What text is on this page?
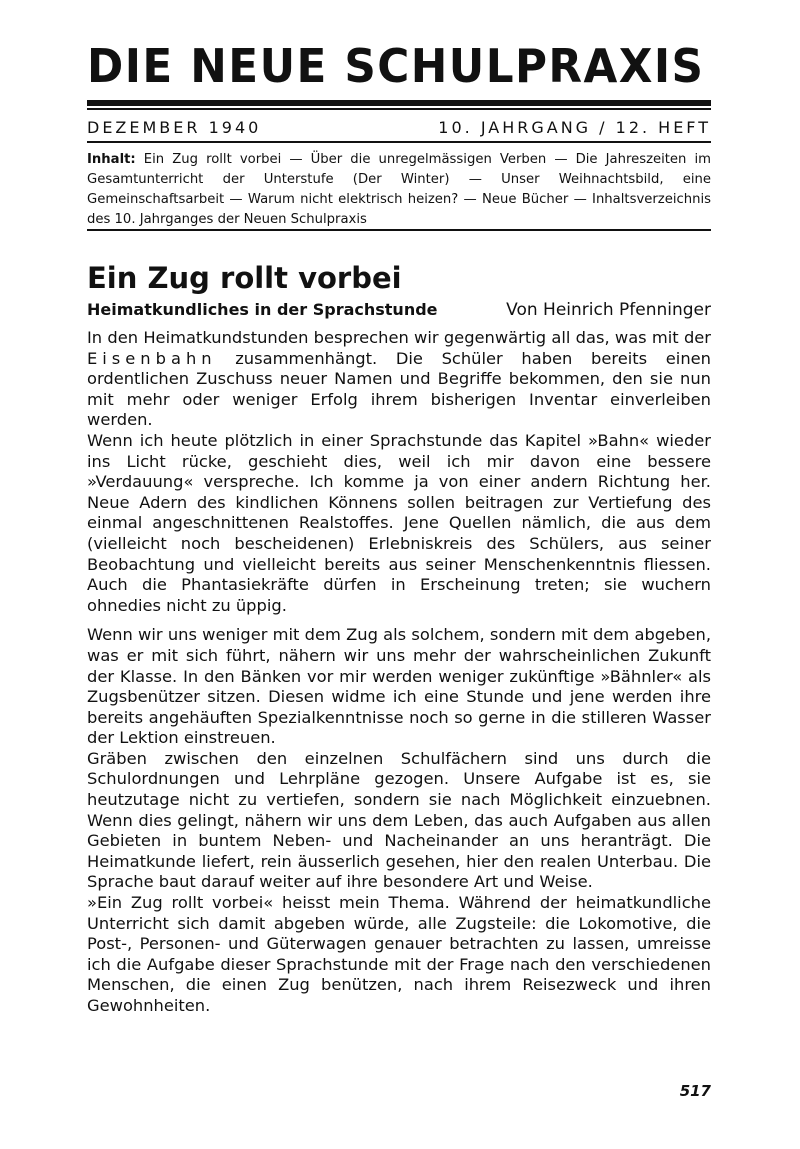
DIE NEUE SCHULPRAXIS
DEZEMBER 1940	10. JAHRGANG / 12. HEFT

Inhalt: Ein Zug rollt vorbei — Über die unregelmässigen Verben — Die Jahreszeiten im Gesamtunterricht der Unterstufe (Der Winter) — Unser Weihnachtsbild, eine Gemeinschaftsarbeit — Warum nicht elektrisch heizen? — Neue Bücher — Inhaltsverzeichnis des 10. Jahrganges der Neuen Schulpraxis

Ein Zug rollt vorbei
Heimatkundliches in der Sprachstunde	Von Heinrich Pfenninger

In den Heimatkundstunden besprechen wir gegenwärtig all das, was mit der Eisenbahn zusammenhängt. Die Schüler haben bereits einen ordentlichen Zuschuss neuer Namen und Begriffe bekommen, den sie nun mit mehr oder weniger Erfolg ihrem bisherigen Inventar einverleiben werden.

Wenn ich heute plötzlich in einer Sprachstunde das Kapitel »Bahn« wieder ins Licht rücke, geschieht dies, weil ich mir davon eine bessere »Verdauung« verspreche. Ich komme ja von einer andern Richtung her. Neue Adern des kindlichen Könnens sollen beitragen zur Vertiefung des einmal angeschnittenen Realstoffes. Jene Quellen nämlich, die aus dem (vielleicht noch bescheidenen) Erlebniskreis des Schülers, aus seiner Beobachtung und vielleicht bereits aus seiner Menschenkenntnis fliessen. Auch die Phantasiekräfte dürfen in Erscheinung treten; sie wuchern ohnedies nicht zu üppig.

Wenn wir uns weniger mit dem Zug als solchem, sondern mit dem abgeben, was er mit sich führt, nähern wir uns mehr der wahrscheinlichen Zukunft der Klasse. In den Bänken vor mir werden weniger zukünftige »Bähnler« als Zugsbenützer sitzen. Diesen widme ich eine Stunde und jene werden ihre bereits angehäuften Spezialkenntnisse noch so gerne in die stilleren Wasser der Lektion einstreuen.

Gräben zwischen den einzelnen Schulfächern sind uns durch die Schulordnungen und Lehrpläne gezogen. Unsere Aufgabe ist es, sie heutzutage nicht zu vertiefen, sondern sie nach Möglichkeit einzuebnen. Wenn dies gelingt, nähern wir uns dem Leben, das auch Aufgaben aus allen Gebieten in buntem Neben- und Nacheinander an uns heranträgt. Die Heimatkunde liefert, rein äusserlich gesehen, hier den realen Unterbau. Die Sprache baut darauf weiter auf ihre besondere Art und Weise.

»Ein Zug rollt vorbei« heisst mein Thema. Während der heimatkundliche Unterricht sich damit abgeben würde, alle Zugsteile: die Lokomotive, die Post-, Personen- und Güterwagen genauer betrachten zu lassen, umreisse ich die Aufgabe dieser Sprachstunde mit der Frage nach den verschiedenen Menschen, die einen Zug benützen, nach ihrem Reisezweck und ihren Gewohnheiten.

517
